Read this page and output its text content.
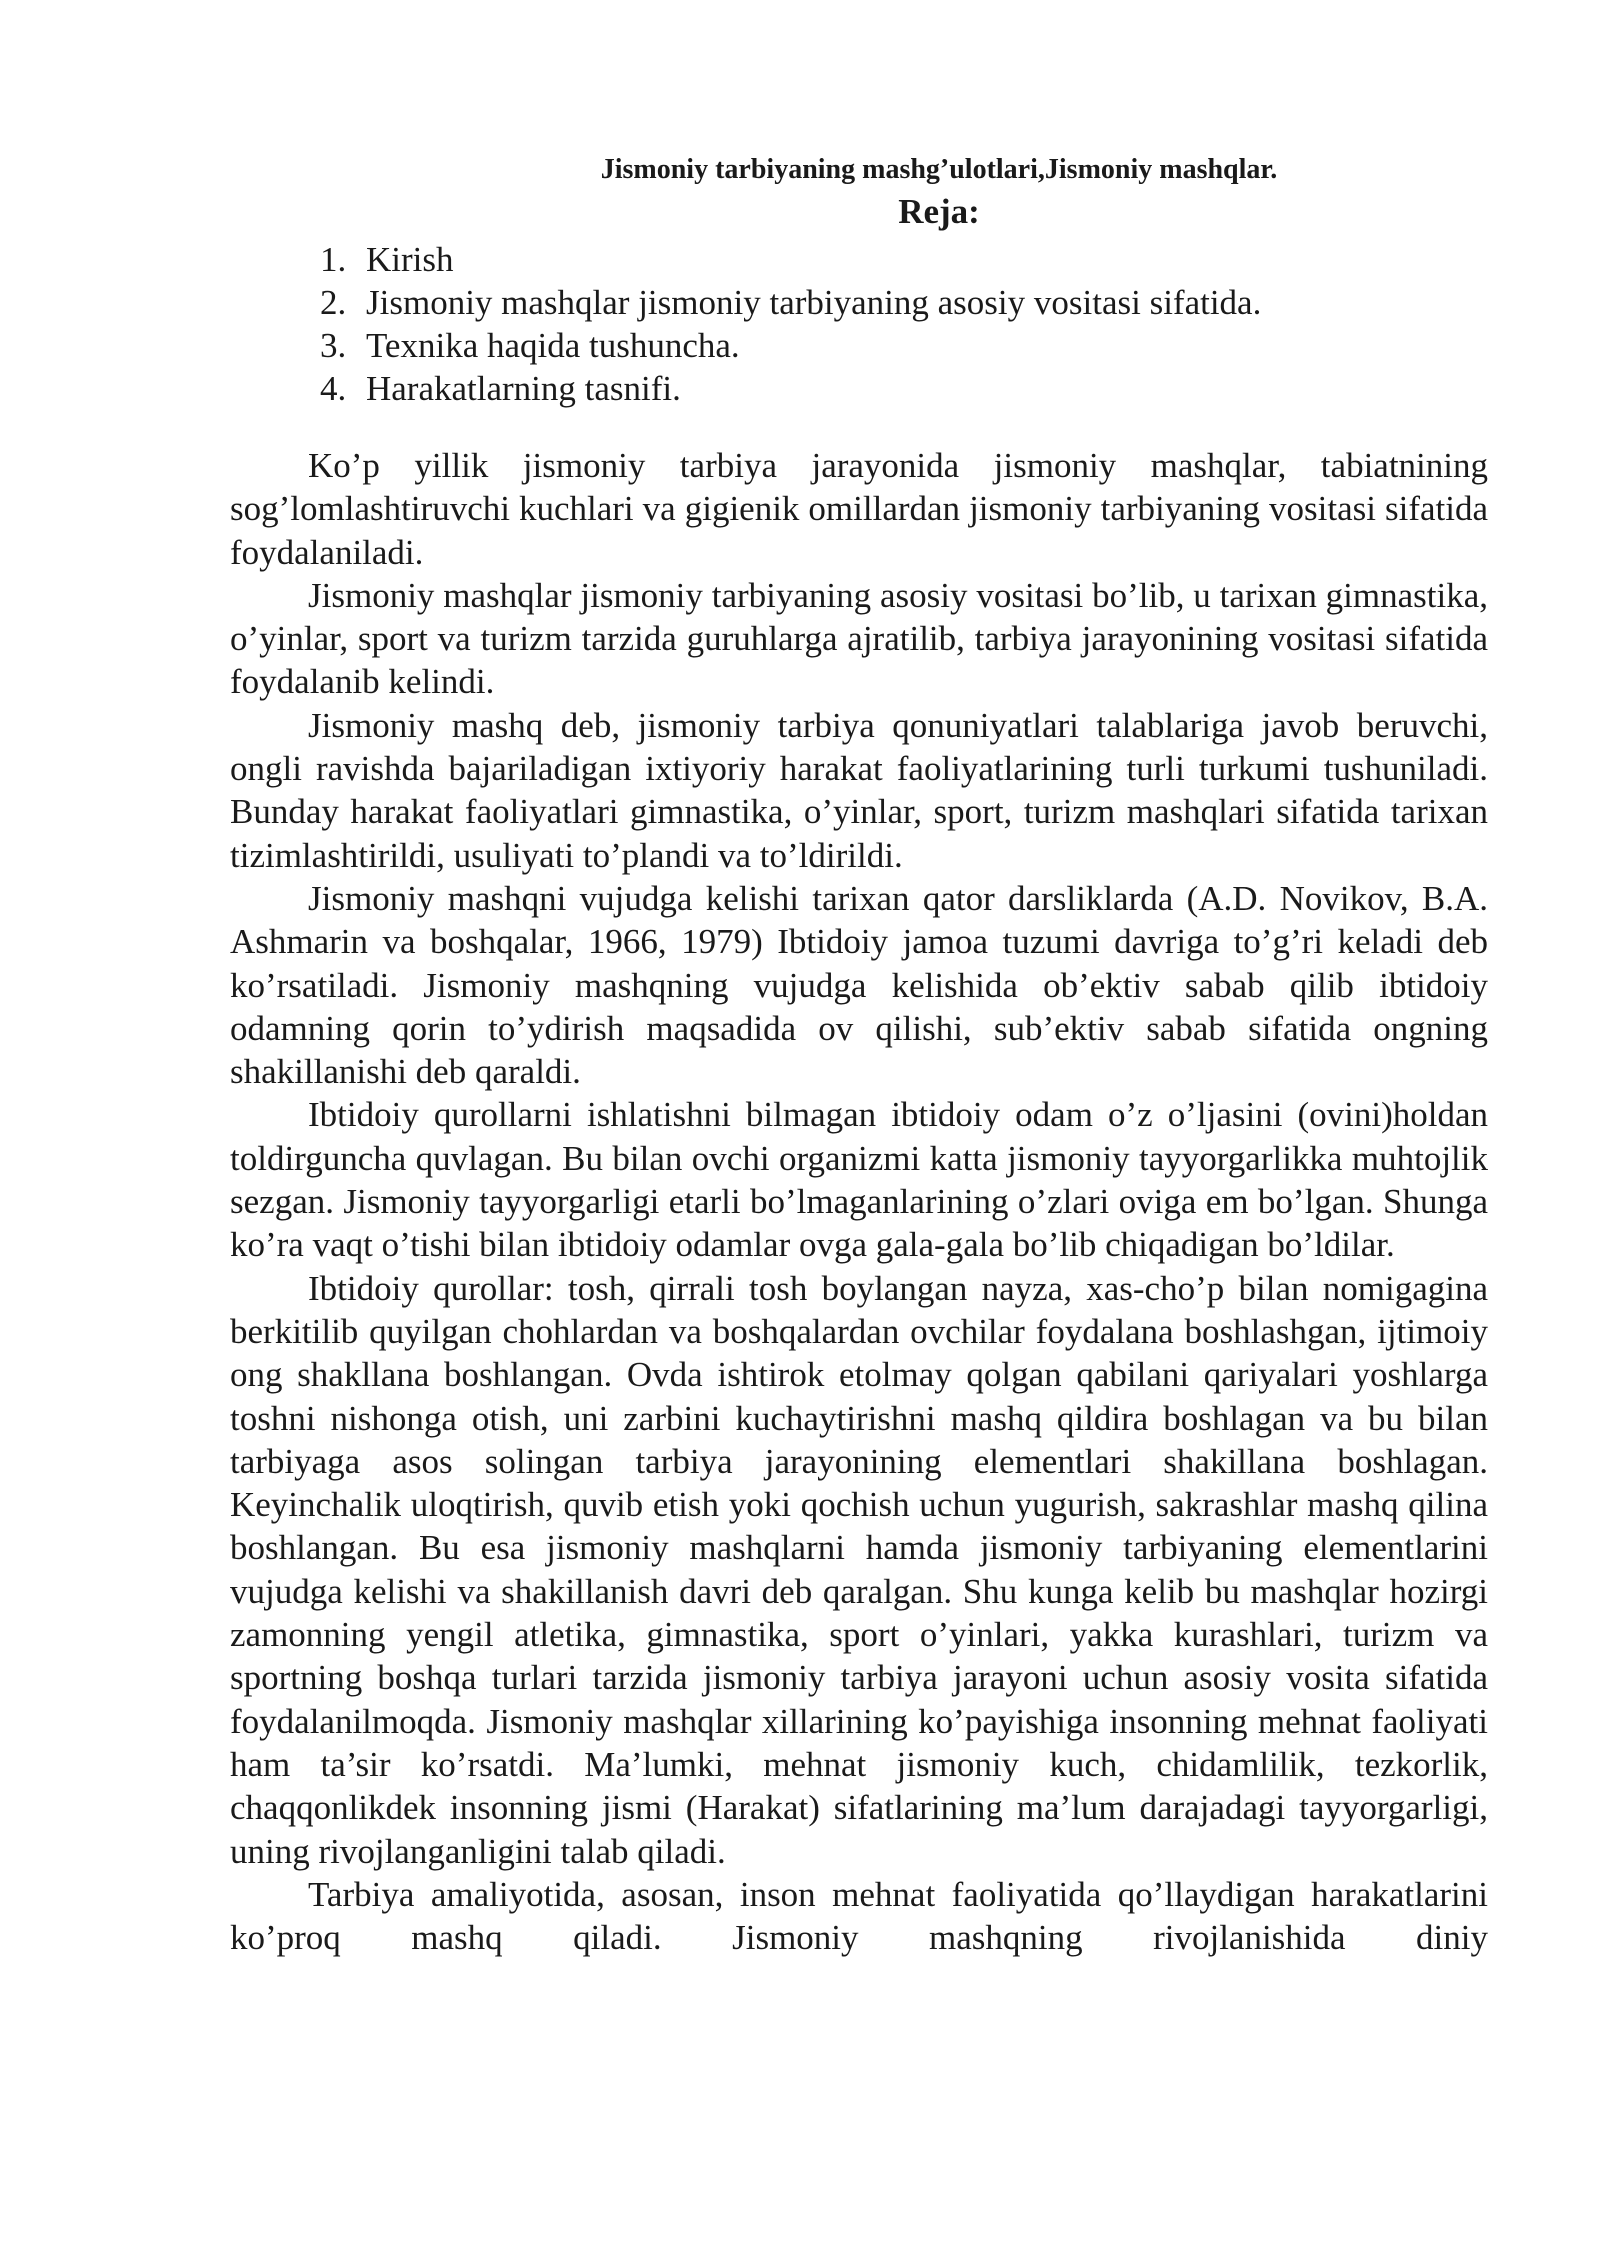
Jismoniy tarbiyaning mashg’ulotlari,Jismoniy mashqlar.
Reja:
1. Kirish
2. Jismoniy mashqlar jismoniy tarbiyaning asosiy vositasi sifatida.
3. Texnika haqida tushuncha.
4. Harakatlarning tasnifi.

Ko’p yillik jismoniy tarbiya jarayonida jismoniy mashqlar, tabiatnining sog’lomlashtiruvchi kuchlari va gigienik omillardan jismoniy tarbiyaning vositasi sifatida foydalaniladi.

Jismoniy mashqlar jismoniy tarbiyaning asosiy vositasi bo’lib, u tarixan gimnastika, o’yinlar, sport va turizm tarzida guruhlarga ajratilib, tarbiya jarayonining vositasi sifatida foydalanib kelindi.

Jismoniy mashq deb, jismoniy tarbiya qonuniyatlari talablariga javob beruvchi, ongli ravishda bajariladigan ixtiyoriy harakat faoliyatlarining turli turkumi tushuniladi. Bunday harakat faoliyatlari gimnastika, o’yinlar, sport, turizm mashqlari sifatida tarixan tizimlashtirildi, usuliyati to’plandi va to’ldirildi.

Jismoniy mashqni vujudga kelishi tarixan qator darsliklarda (A.D. Novikov, B.A. Ashmarin va boshqalar, 1966, 1979) Ibtidoiy jamoa tuzumi davriga to’g’ri keladi deb ko’rsatiladi. Jismoniy mashqning vujudga kelishida ob’ektiv sabab qilib ibtidoiy odamning qorin to’ydirish maqsadida ov qilishi, sub’ektiv sabab sifatida ongning shakillanishi deb qaraldi.

Ibtidoiy qurollarni ishlatishni bilmagan ibtidoiy odam o’z o’ljasini (ovini)holdan toldirguncha quvlagan. Bu bilan ovchi organizmi katta jismoniy tayyorgarlikka muhtojlik sezgan. Jismoniy tayyorgarligi etarli bo’lmaganlarining o’zlari oviga em bo’lgan. Shunga ko’ra vaqt o’tishi bilan ibtidoiy odamlar ovga gala-gala bo’lib chiqadigan bo’ldilar.

Ibtidoiy qurollar: tosh, qirrali tosh boylangan nayza, xas-cho’p bilan nomigagina berkitilib quyilgan chohlardan va boshqalardan ovchilar foydalana boshlashgan, ijtimoiy ong shakllana boshlangan. Ovda ishtirok etolmay qolgan qabilani qariyalari yoshlarga toshni nishonga otish, uni zarbini kuchaytirishni mashq qildira boshlagan va bu bilan tarbiyaga asos solingan tarbiya jarayonining elementlari shakillana boshlagan. Keyinchalik uloqtirish, quvib etish yoki qochish uchun yugurish, sakrashlar mashq qilina boshlangan. Bu esa jismoniy mashqlarni hamda jismoniy tarbiyaning elementlarini vujudga kelishi va shakillanish davri deb qaralgan. Shu kunga kelib bu mashqlar hozirgi zamonning yengil atletika, gimnastika, sport o’yinlari, yakka kurashlari, turizm va sportning boshqa turlari tarzida jismoniy tarbiya jarayoni uchun asosiy vosita sifatida foydalanilmoqda. Jismoniy mashqlar xillarining ko’payishiga insonning mehnat faoliyati ham ta’sir ko’rsatdi. Ma’lumki, mehnat jismoniy kuch, chidamlilik, tezkorlik, chaqqonlikdek insonning jismi (Harakat) sifatlarining ma’lum darajadagi tayyorgarligi, uning rivojlanganligini talab qiladi.

Tarbiya amaliyotida, asosan, inson mehnat faoliyatida qo’llaydigan harakatlarini ko’proq mashq qiladi. Jismoniy mashqning rivojlanishida diniy
